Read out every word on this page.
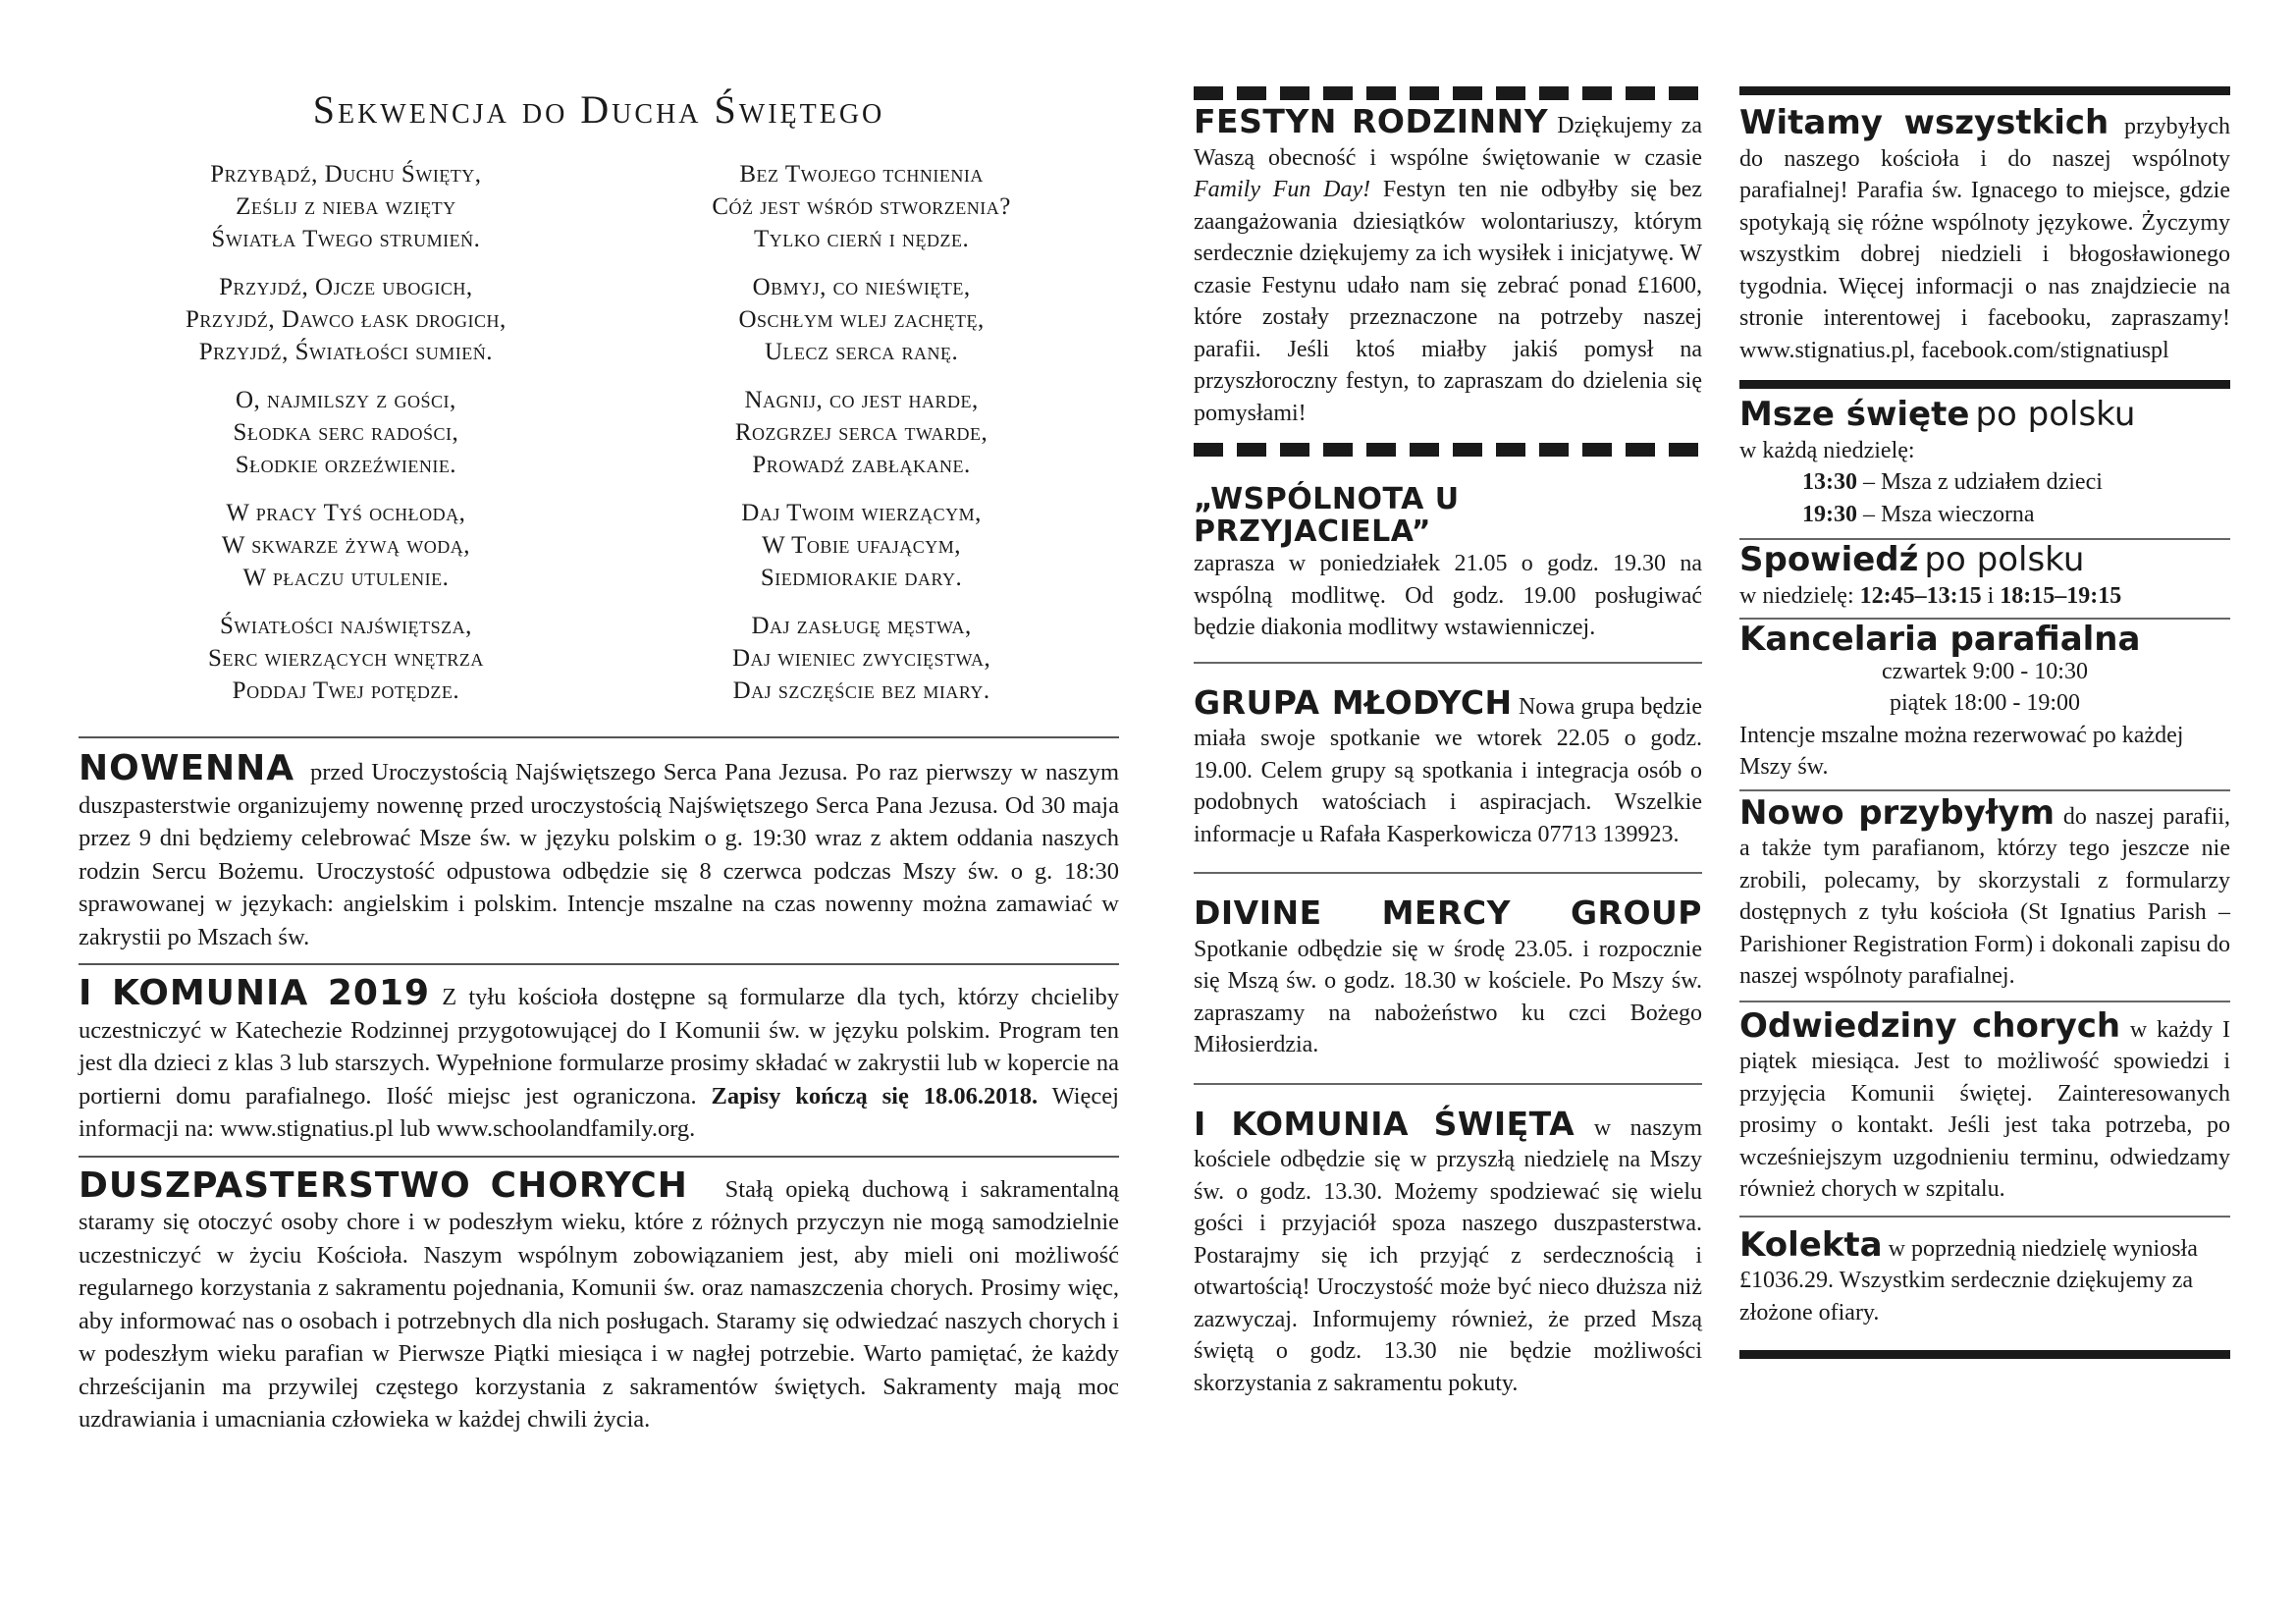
Sekwencja do Ducha Świętego
Przybądź, Duchu Święty,
Ześlij z nieba wzięty
Światła Twego strumień.
Przyjdź, Ojcze ubogich,
Przyjdź, Dawco łask drogich,
Przyjdź, Światłości sumień.
O, najmilszy z gości,
Słodka serc radości,
Słodkie orzeźwienie.
W pracy Tyś ochłodą,
W skwarze żywą wodą,
W płaczu utulenie.
Światłości najświętsza,
Serc wierzących wnętrza
Poddaj Twej potędze.
Bez Twojego tchnienia
Cóż jest wśród stworzenia?
Tylko cierń i nędze.
Obmyj, co nieświęte,
Oschłym wlej zachętę,
Ulecz serca ranę.
Nagnij, co jest harde,
Rozgrzej serca twarde,
Prowadź zabłąkane.
Daj Twoim wierzącym,
W Tobie ufającym,
Siedmiorakie dary.
Daj zasługę męstwa,
Daj wieniec zwycięstwa,
Daj szczęście bez miary.
NOWENNA przed Uroczystością Najświętszego Serca Pana Jezusa. Po raz pierwszy w naszym duszpasterstwie organizujemy nowennę przed uroczystością Najświętszego Serca Pana Jezusa. Od 30 maja przez 9 dni będziemy celebrować Msze św. w języku polskim o g. 19:30 wraz z aktem oddania naszych rodzin Sercu Bożemu. Uroczystość odpustowa odbędzie się 8 czerwca podczas Mszy św. o g. 18:30 sprawowanej w językach: angielskim i polskim. Intencje mszalne na czas nowenny można zamawiać w zakrystii po Mszach św.
I KOMUNIA 2019 Z tyłu kościoła dostępne są formularze dla tych, którzy chcieliby uczestniczyć w Katechezie Rodzinnej przygotowującej do I Komunii św. w języku polskim. Program ten jest dla dzieci z klas 3 lub starszych. Wypełnione formularze prosimy składać w zakrystii lub w kopercie na portierni domu parafialnego. Ilość miejsc jest ograniczona. Zapisy kończą się 18.06.2018. Więcej informacji na: www.stignatius.pl lub www.schoolandfamily.org.
DUSZPASTERSTWO CHORYCH Stałą opieką duchową i sakramentalną staramy się otoczyć osoby chore i w podeszłym wieku, które z różnych przyczyn nie mogą samodzielnie uczestniczyć w życiu Kościoła. Naszym wspólnym zobowiązaniem jest, aby mieli oni możliwość regularnego korzystania z sakramentu pojednania, Komunii św. oraz namaszczenia chorych. Prosimy więc, aby informować nas o osobach i potrzebnych dla nich posługach. Staramy się odwiedzać naszych chorych i w podeszłym wieku parafian w Pierwsze Piątki miesiąca i w nagłej potrzebie. Warto pamiętać, że każdy chrześcijanin ma przywilej częstego korzystania z sakramentów świętych. Sakramenty mają moc uzdrawiania i umacniania człowieka w każdej chwili życia.
FESTYN RODZINNY Dziękujemy za Waszą obecność i wspólne świętowanie w czasie Family Fun Day! Festyn ten nie odbyłby się bez zaangażowania dziesiątków wolontariuszy, którym serdecznie dziękujemy za ich wysiłek i inicjatywę. W czasie Festynu udało nam się zebrać ponad £1600, które zostały przeznaczone na potrzeby naszej parafii. Jeśli ktoś miałby jakiś pomysł na przyszłoroczny festyn, to zapraszam do dzielenia się pomysłami!
„WSPÓLNOTA U PRZYJACIELA”
zaprasza w poniedziałek 21.05 o godz. 19.30 na wspólną modlitwę. Od godz. 19.00 posługiwać będzie diakonia modlitwy wstawienniczej.
GRUPA MŁODYCH Nowa grupa będzie miała swoje spotkanie we wtorek 22.05 o godz. 19.00. Celem grupy są spotkania i integracja osób o podobnych watościach i aspiracjach. Wszelkie informacje u Rafała Kasperkowicza 07713 139923.
DIVINE MERCY GROUP Spotkanie odbędzie się w środę 23.05. i rozpocznie się Mszą św. o godz. 18.30 w kościele. Po Mszy św. zapraszamy na nabożeństwo ku czci Bożego Miłosierdzia.
I KOMUNIA ŚWIĘTA w naszym kościele odbędzie się w przyszłą niedzielę na Mszy św. o godz. 13.30. Możemy spodziewać się wielu gości i przyjaciół spoza naszego duszpasterstwa. Postarajmy się ich przyjąć z serdecznością i otwartością! Uroczystość może być nieco dłuższa niż zazwyczaj. Informujemy również, że przed Mszą świętą o godz. 13.30 nie będzie możliwości skorzystania z sakramentu pokuty.
Witamy wszystkich przybyłych do naszego kościoła i do naszej wspólnoty parafialnej! Parafia św. Ignacego to miejsce, gdzie spotykają się różne wspólnoty językowe. Życzymy wszystkim dobrej niedzieli i błogosławionego tygodnia. Więcej informacji o nas znajdziecie na stronie interentowej i facebooku, zapraszamy! www.stignatius.pl, facebook.com/stignatiuspl
Msze święte po polsku
w każdą niedzielę:
13:30 – Msza z udziałem dzieci
19:30 – Msza wieczorna
Spowiedź po polsku
w niedzielę: 12:45–13:15 i 18:15–19:15
Kancelaria parafialna
czwartek 9:00 - 10:30
piątek 18:00 - 19:00
Intencje mszalne można rezerwować po każdej Mszy św.
Nowo przybyłym do naszej parafii, a także tym parafianom, którzy tego jeszcze nie zrobili, polecamy, by skorzystali z formularzy dostępnych z tyłu kościoła (St Ignatius Parish – Parishioner Registration Form) i dokonali zapisu do naszej wspólnoty parafialnej.
Odwiedziny chorych w każdy I piątek miesiąca. Jest to możliwość spowiedzi i przyjęcia Komunii świętej. Zainteresowanych prosimy o kontakt. Jeśli jest taka potrzeba, po wcześniejszym uzgodnieniu terminu, odwiedzamy również chorych w szpitalu.
Kolekta w poprzednią niedzielę wyniosła £1036.29. Wszystkim serdecznie dziękujemy za złożone ofiary.
